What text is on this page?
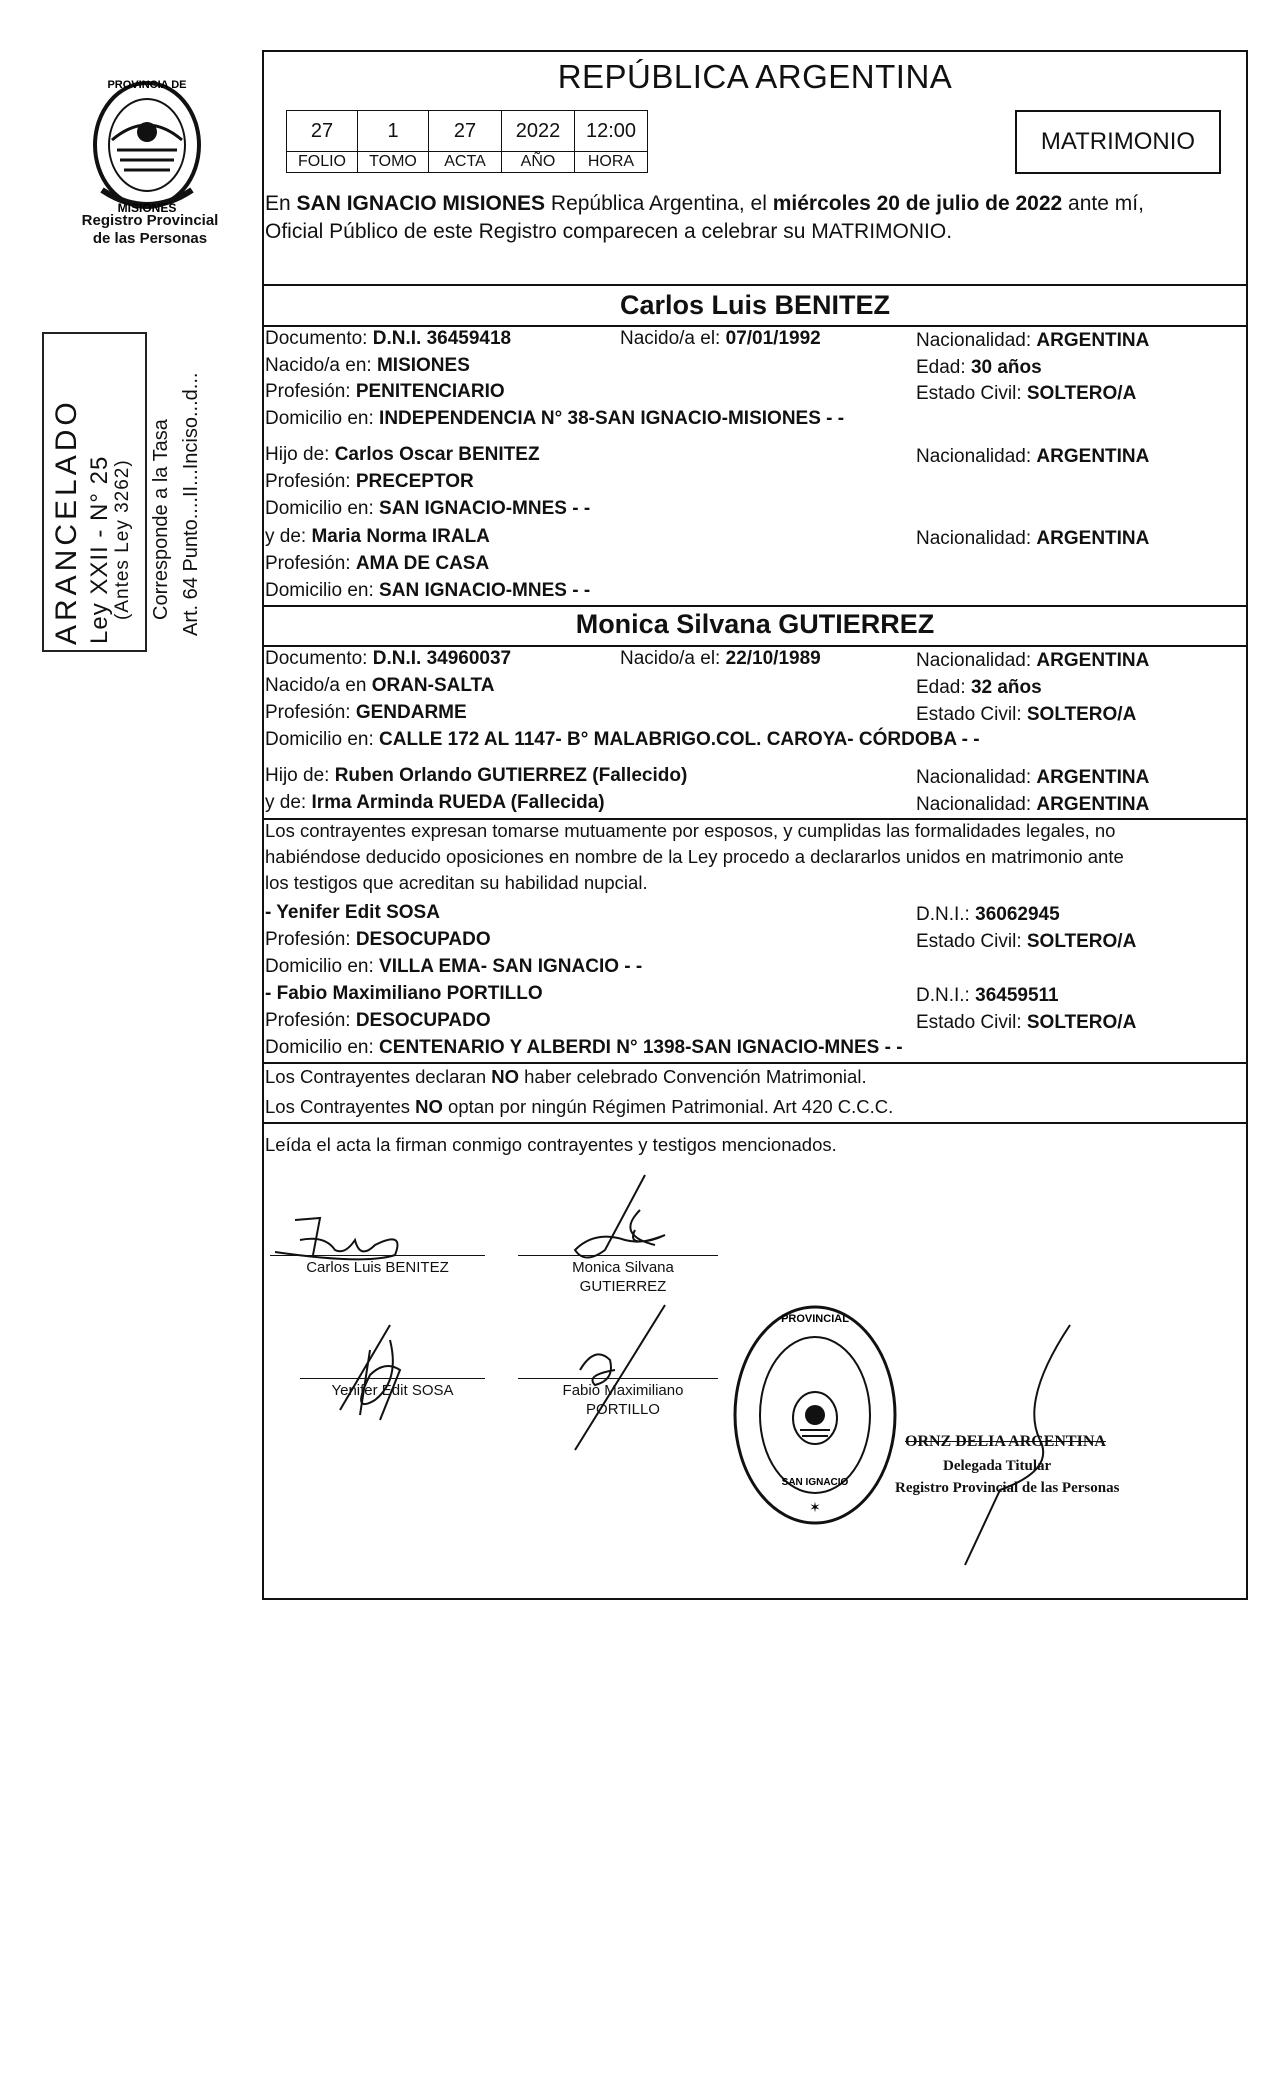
PROVINCIA DE
MISIONES
Registro Provincial
de las Personas
ARANCELADO Ley XXII - N° 25 (Antes Ley 3262) Corresponde a la Tasa Art. 64 Punto....II...Inciso...d...
REPÚBLICA ARGENTINA
27	1	27	2022	12:00
FOLIO	TOMO	ACTA	AÑO	HORA
MATRIMONIO
En SAN IGNACIO MISIONES República Argentina, el miércoles 20 de julio de 2022 ante mí,
Oficial Público de este Registro comparecen a celebrar su MATRIMONIO.
Carlos Luis BENITEZ
Documento: D.N.I. 36459418	Nacido/a el: 07/01/1992	Nacionalidad: ARGENTINA
Nacido/a en: MISIONES	Edad: 30 años
Profesión: PENITENCIARIO	Estado Civil: SOLTERO/A
Domicilio en: INDEPENDENCIA N° 38-SAN IGNACIO-MISIONES - -
Hijo de: Carlos Oscar BENITEZ	Nacionalidad: ARGENTINA
Profesión: PRECEPTOR
Domicilio en: SAN IGNACIO-MNES - -
y de: Maria Norma IRALA	Nacionalidad: ARGENTINA
Profesión: AMA DE CASA
Domicilio en: SAN IGNACIO-MNES - -
Monica Silvana GUTIERREZ
Documento: D.N.I. 34960037	Nacido/a el: 22/10/1989	Nacionalidad: ARGENTINA
Nacido/a en ORAN-SALTA	Edad: 32 años
Profesión: GENDARME	Estado Civil: SOLTERO/A
Domicilio en: CALLE 172 AL 1147- B° MALABRIGO.COL. CAROYA- CÓRDOBA - -
Hijo de: Ruben Orlando GUTIERREZ (Fallecido)	Nacionalidad: ARGENTINA
y de: Irma Arminda RUEDA (Fallecida)	Nacionalidad: ARGENTINA
Los contrayentes expresan tomarse mutuamente por esposos, y cumplidas las formalidades legales, no
habiéndose deducido oposiciones en nombre de la Ley procedo a declararlos unidos en matrimonio ante
los testigos que acreditan su habilidad nupcial.
- Yenifer Edit SOSA	D.N.I.: 36062945
Profesión: DESOCUPADO	Estado Civil: SOLTERO/A
Domicilio en: VILLA EMA- SAN IGNACIO - -
- Fabio Maximiliano PORTILLO	D.N.I.: 36459511
Profesión: DESOCUPADO	Estado Civil: SOLTERO/A
Domicilio en: CENTENARIO Y ALBERDI N° 1398-SAN IGNACIO-MNES - -
Los Contrayentes declaran NO haber celebrado Convención Matrimonial.
Los Contrayentes NO optan por ningún Régimen Patrimonial. Art 420 C.C.C.
Leída el acta la firman conmigo contrayentes y testigos mencionados.
Carlos Luis BENITEZ	Monica Silvana
GUTIERREZ
Yenifer Edit SOSA	Fabio Maximiliano
PORTILLO
PROVINCIAL
SAN IGNACIO
✶
ORNZ DELIA ARGENTINA
Delegada Titular
Registro Provincial de las Personas
